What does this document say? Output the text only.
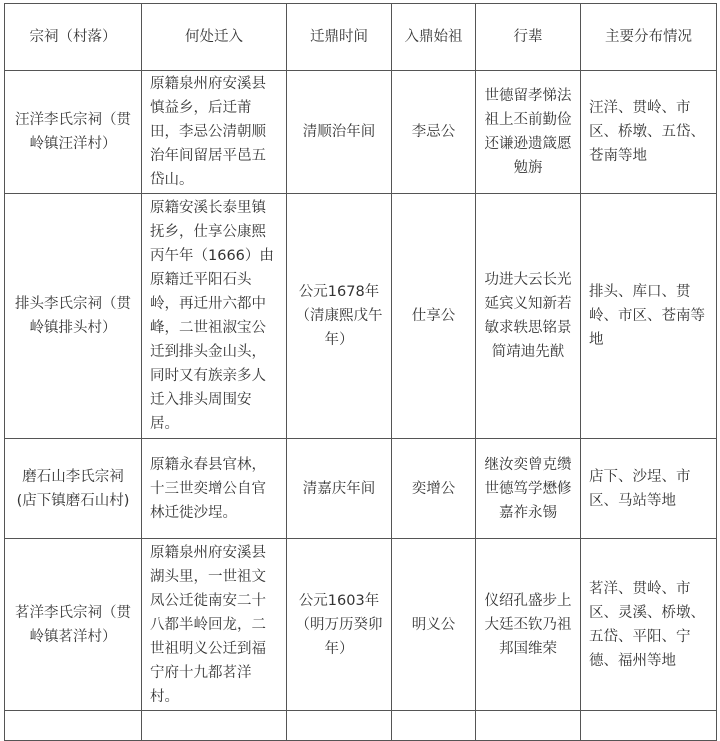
宗祠（村落）	何处迁入	迁鼎时间	入鼎始祖	行辈	主要分布情况
汪洋李氏宗祠（贯岭镇汪洋村）	原籍泉州府安溪县慎益乡，后迁莆田，李忌公清朝顺治年间留居平邑五岱山。	清顺治年间	李忌公	世德留孝悌法祖上丕前勤俭还谦逊遗箴愿勉旃	汪洋、贯岭、市区、桥墩、五岱、苍南等地
排头李氏宗祠（贯岭镇排头村）	原籍安溪长泰里镇抚乡，仕享公康熙丙午年（1666）由原籍迁平阳石头岭，再迁卅六都中峰，二世祖淑宝公迁到排头金山头，同时又有族亲多人迁入排头周围安居。	公元1678年（清康熙戊午年）	仕享公	功进大云长光延宾义知新若敏求轶思铭景简靖迪先猷	排头、库口、贯岭、市区、苍南等地
磨石山李氏宗祠(店下镇磨石山村)	原籍永春县官林，十三世奕增公自官林迁徙沙埕。	清嘉庆年间	奕增公	继汝奕曾克缵世德笃学懋修嘉祚永锡	店下、沙埕、市区、马站等地
茗洋李氏宗祠（贯岭镇茗洋村）	原籍泉州府安溪县湖头里，一世祖文凤公迁徙南安二十八都半岭回龙，二世祖明义公迁到福宁府十九都茗洋村。	公元1603年（明万历癸卯年）	明义公	仪绍孔盛步上大廷丕钦乃祖邦国维荣	茗洋、贯岭、市区、灵溪、桥墩、五岱、平阳、宁德、福州等地
